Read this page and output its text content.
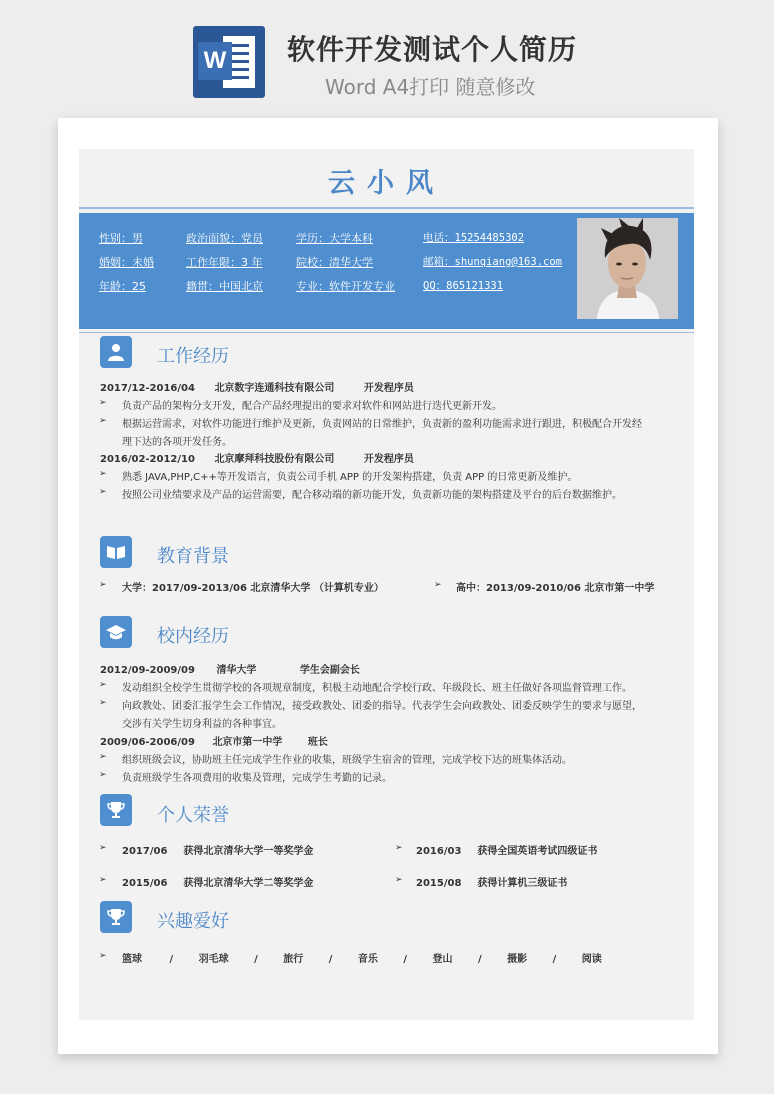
W 软件开发测试个人简历
Word A4打印 随意修改
云小风
性别：男	政治面貌：党员	学历：大学本科	电话：15254485302
婚姻：未婚	工作年限：3 年	院校：清华大学	邮箱：shunqiang@163.com
年龄：25	籍贯：中国北京	专业：软件开发专业	QQ：865121331
工作经历
2017/12-2016/04 北京数字连通科技有限公司	开发程序员
➢ 负责产品的架构分支开发，配合产品经理提出的要求对软件和网站进行迭代更新开发。
➢ 根据运营需求，对软件功能进行维护及更新，负责网站的日常维护，负责新的盈利功能需求进行跟进，积极配合开发经
理下达的各项开发任务。
2016/02-2012/10 北京摩拜科技股份有限公司	开发程序员
➢ 熟悉 JAVA,PHP,C++等开发语言，负责公司手机 APP 的开发架构搭建，负责 APP 的日常更新及维护。
➢ 按照公司业绩要求及产品的运营需要，配合移动端的新功能开发，负责新功能的架构搭建及平台的后台数据维护。
教育背景
➢ 大学：2017/09-2013/06 北京清华大学 （计算机专业）	➢ 高中：2013/09-2010/06 北京市第一中学
校内经历
2012/09-2009/09 清华大学	学生会副会长
➢ 发动组织全校学生贯彻学校的各项规章制度，积极主动地配合学校行政、年级段长、班主任做好各项监督管理工作。
➢ 向政教处、团委汇报学生会工作情况，接受政教处、团委的指导。代表学生会向政教处、团委反映学生的要求与愿望，
交涉有关学生切身利益的各种事宜。
2009/06-2006/09 北京市第一中学	班长
➢ 组织班级会议，协助班主任完成学生作业的收集，班级学生宿舍的管理，完成学校下达的班集体活动。
➢ 负责班级学生各项费用的收集及管理，完成学生考勤的记录。
个人荣誉
➢ 2017/06 获得北京清华大学一等奖学金	➢ 2016/03 获得全国英语考试四级证书
➢ 2015/06 获得北京清华大学二等奖学金	➢ 2015/08 获得计算机三级证书
兴趣爱好
➢ 篮球	/	羽毛球	/	旅行	/	音乐	/	登山	/	摄影	/	阅读
